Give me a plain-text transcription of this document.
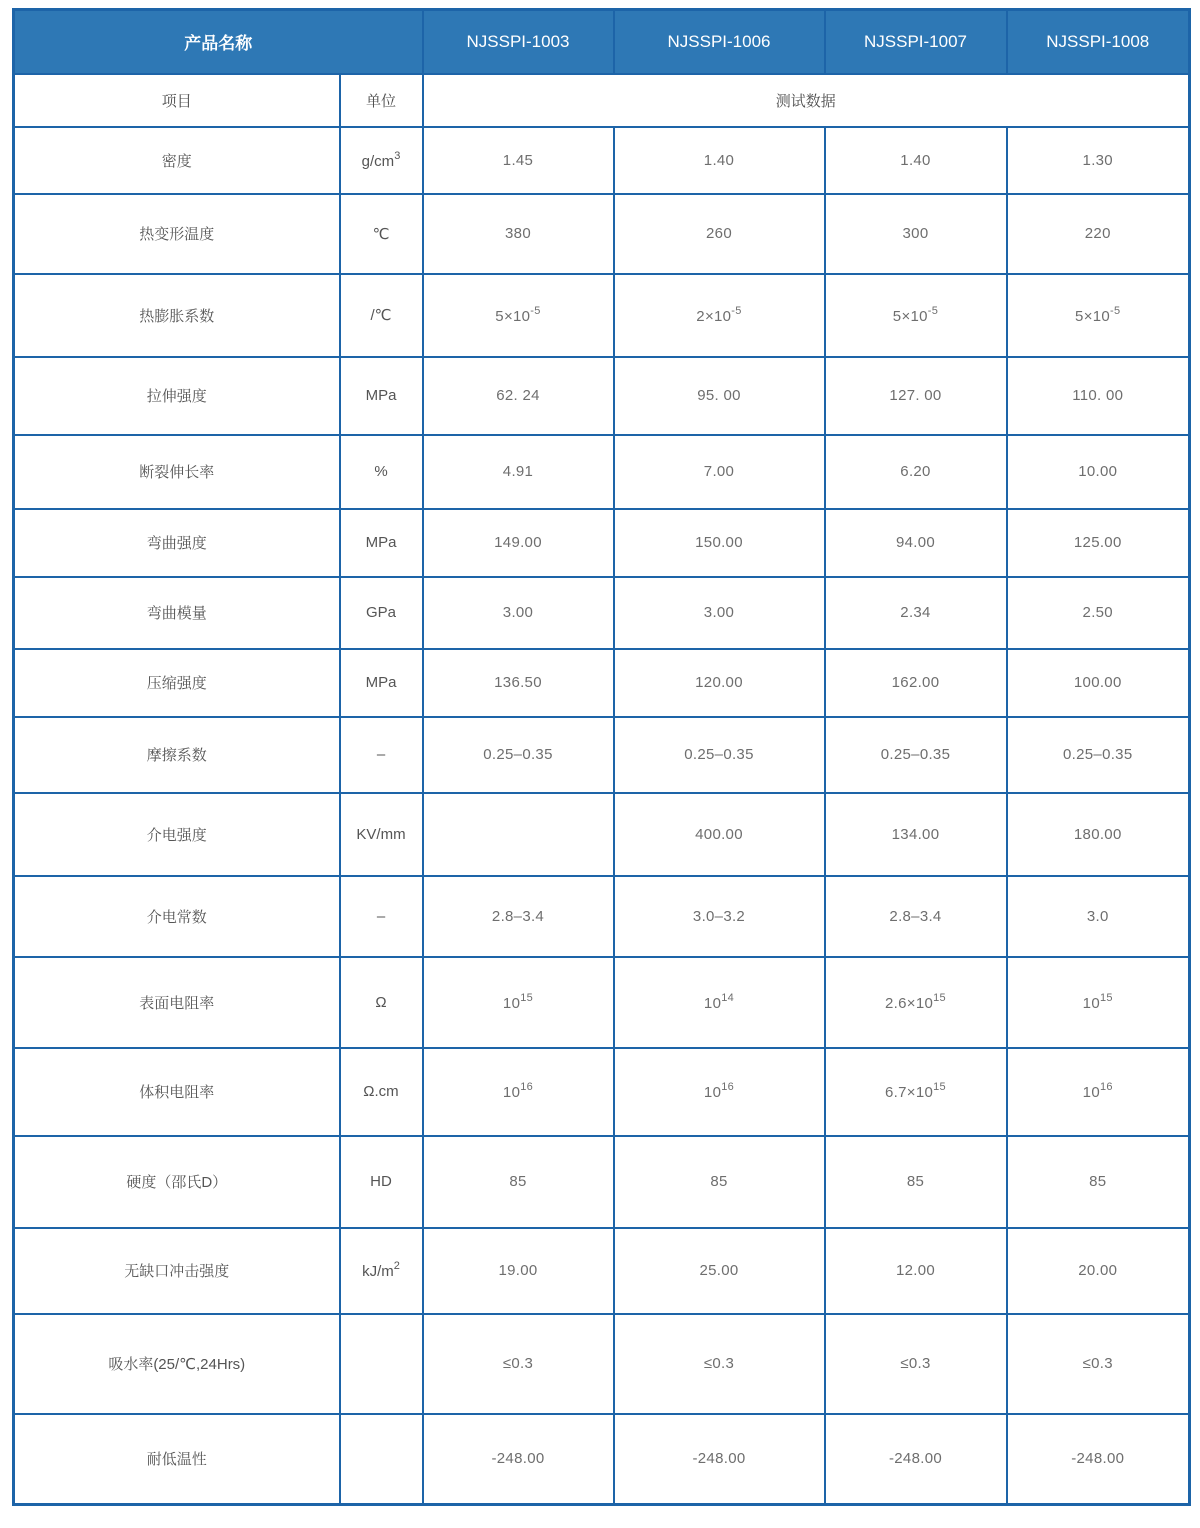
产品名称		NJSSPI-1003	NJSSPI-1006	NJSSPI-1007	NJSSPI-1008
项目	单位	测试数据			
密度	$g/cm^3$	1.45	1.40	1.40	1.30
热变形温度	℃	380	260	300	220
热膨胀系数	/℃	$5\times 10^{-5}$	$2\times 10^{-5}$	$5\times 10^{-5}$	$5\times 10^{-5}$
拉伸强度	MPa	62. 24	95. 00	127. 00	110. 00
断裂伸长率	%	4.91	7.00	6.20	10.00
弯曲强度	MPa	149.00	150.00	94.00	125.00
弯曲模量	GPa	3.00	3.00	2.34	2.50
压缩强度	MPa	136.50	120.00	162.00	100.00
摩擦系数	–	0.25–0.35	0.25–0.35	0.25–0.35	0.25–0.35
介电强度	KV/mm		400.00	134.00	180.00
介电常数	–	2.8–3.4	3.0–3.2	2.8–3.4	3.0
表面电阻率	Ω	$10^{15}$	$10^{14}$	$2.6\times 10^{15}$	$10^{15}$
体积电阻率	Ω.cm	$10^{16}$	$10^{16}$	$6.7\times 10^{15}$	$10^{16}$
硬度（邵氏D）	HD	85	85	85	85
无缺口冲击强度	$kJ/m^2$	19.00	25.00	12.00	20.00
吸水率(25/℃,24Hrs)		≤0.3	≤0.3	≤0.3	≤0.3
耐低温性		-248.00	-248.00	-248.00	-248.00
